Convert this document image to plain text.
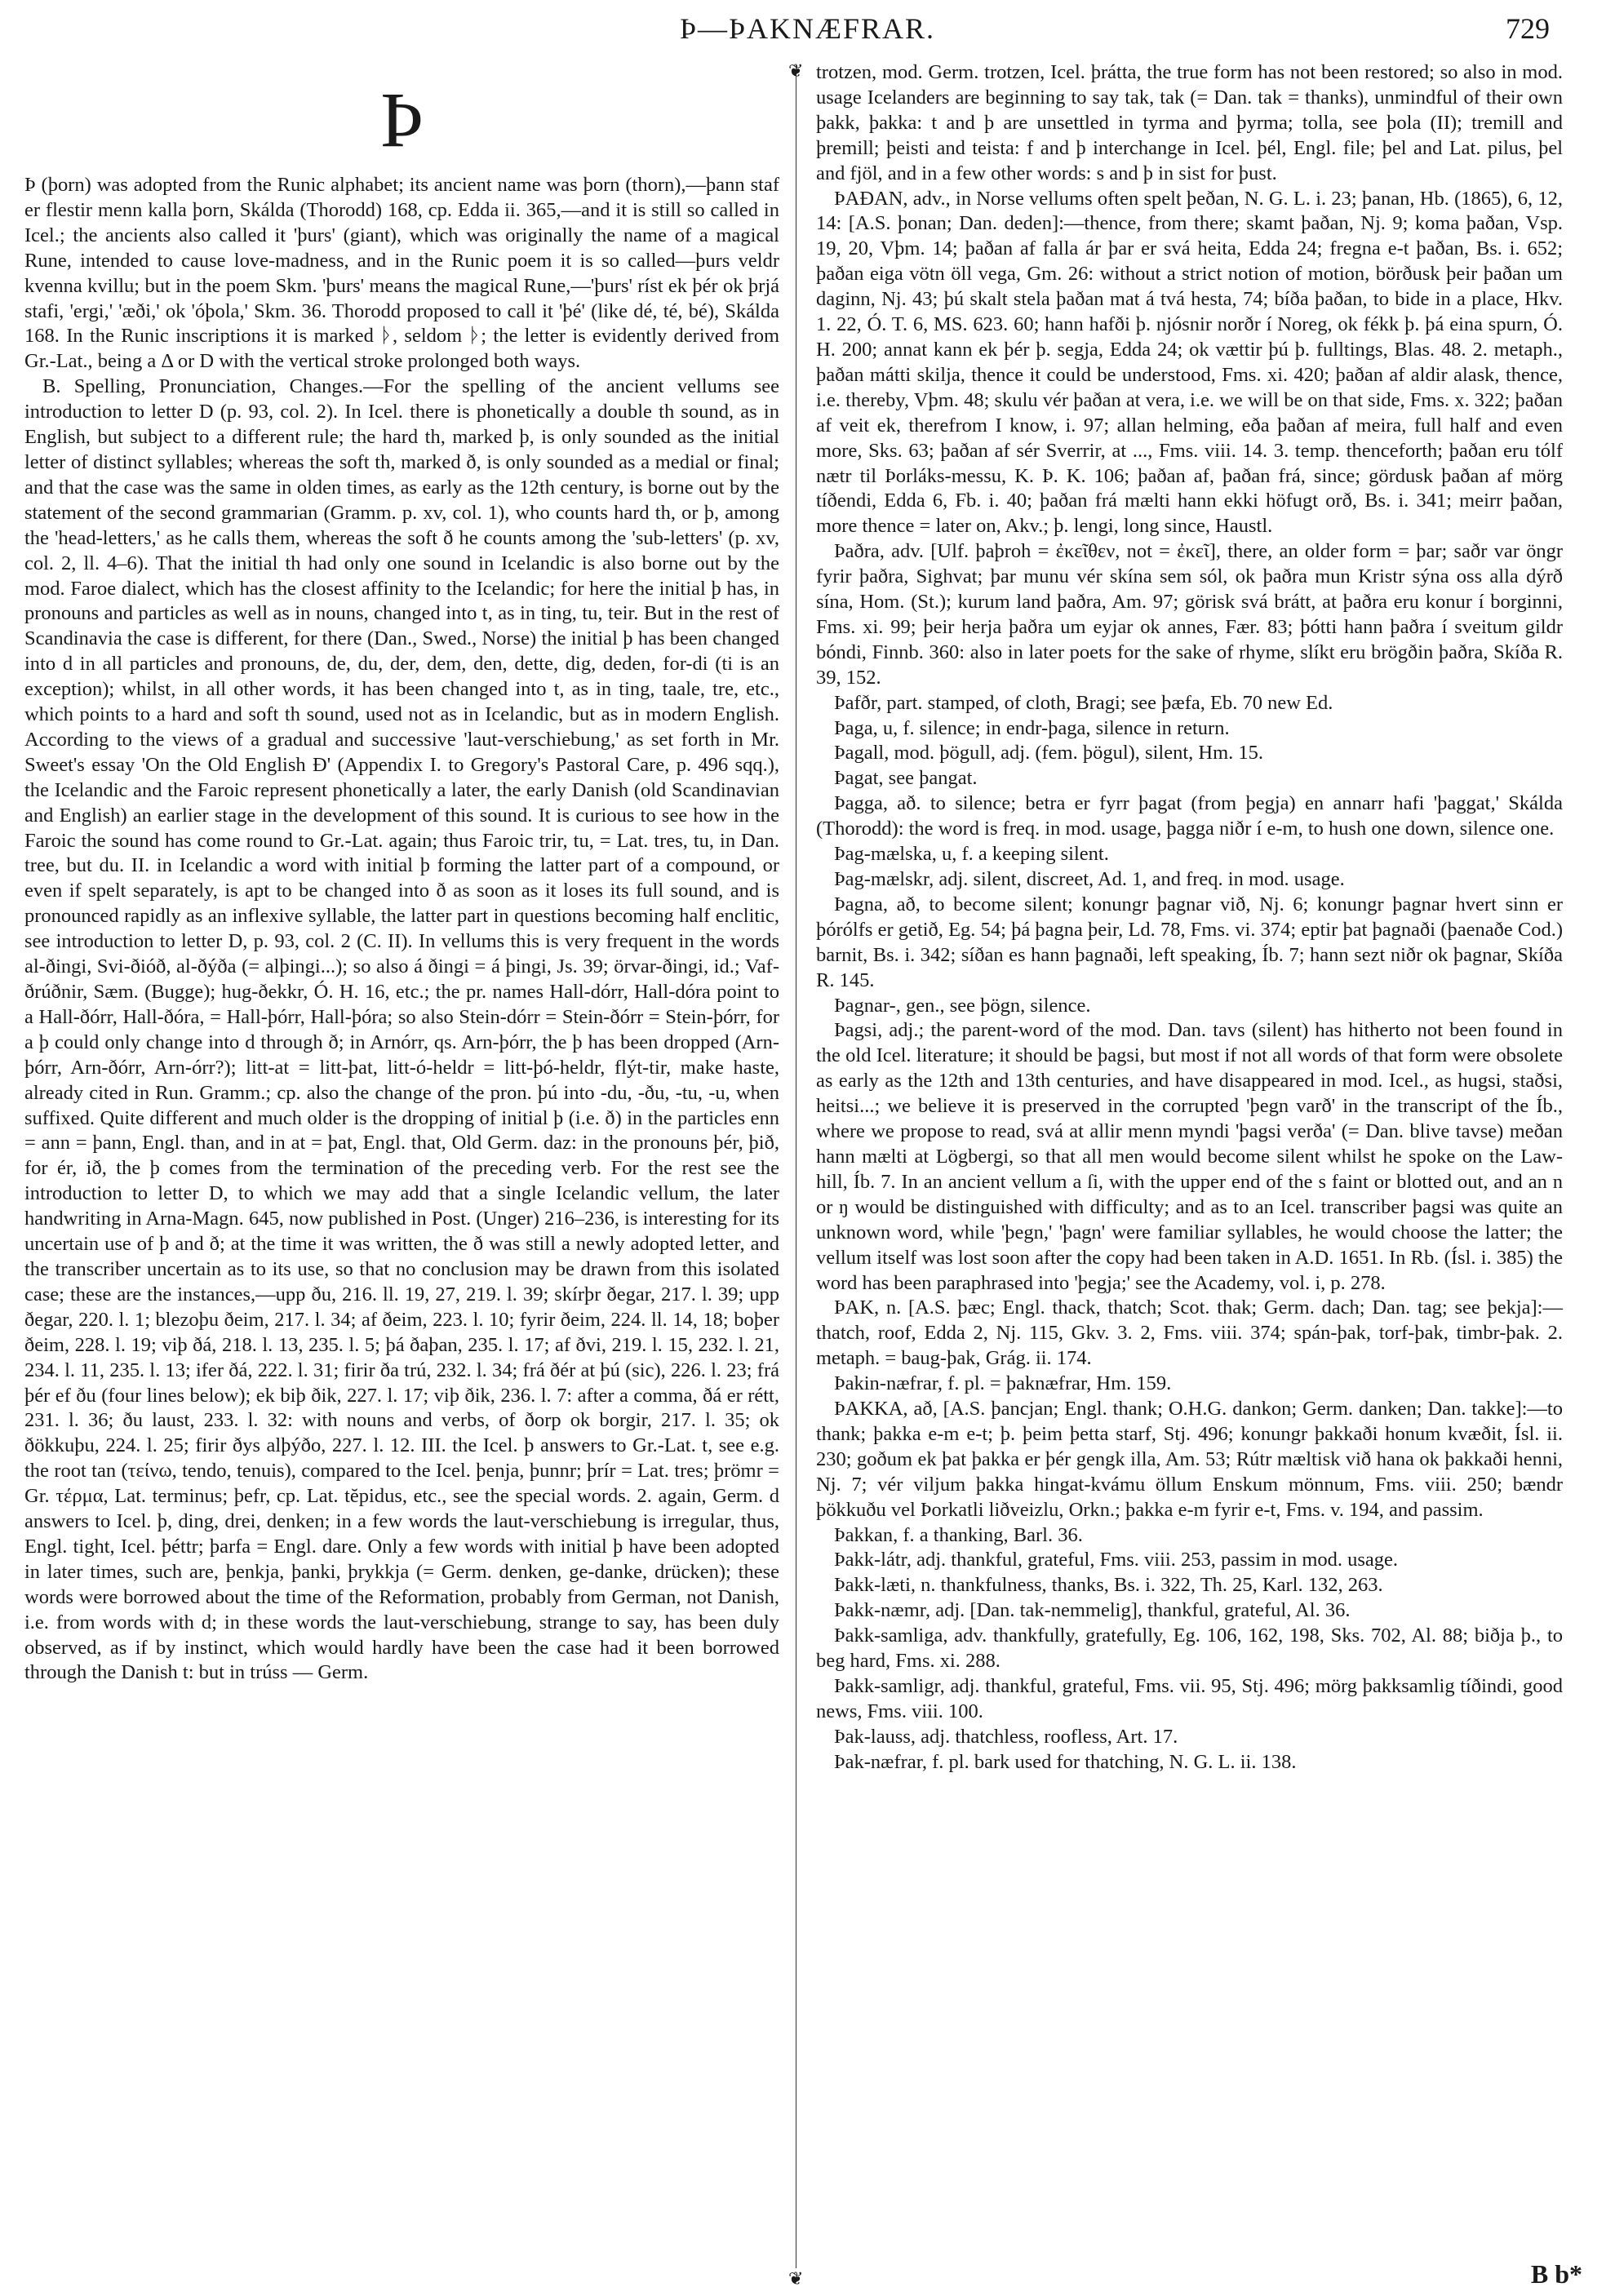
Þ—ÞAKNÆFRAR.	729
❦
❦
Þ

Þ (þorn) was adopted from the Runic alphabet; its ancient name was þorn (thorn),—þann staf er flestir menn kalla þorn, Skálda (Thorodd) 168, cp. Edda ii. 365,—and it is still so called in Icel.; the ancients also called it 'þurs' (giant), which was originally the name of a magical Rune, intended to cause love-madness, and in the Runic poem it is so called—þurs veldr kvenna kvillu; but in the poem Skm. 'þurs' means the magical Rune,—'þurs' ríst ek þér ok þrjá stafi, 'ergi,' 'æði,' ok 'óþola,' Skm. 36. Thorodd proposed to call it 'þé' (like dé, té, bé), Skálda 168. In the Runic inscriptions it is marked ᚦ, seldom ᚦ; the letter is evidently derived from Gr.-Lat., being a Δ or D with the vertical stroke prolonged both ways.

B. Spelling, Pronunciation, Changes.—For the spelling of the ancient vellums see introduction to letter D (p. 93, col. 2). In Icel. there is phonetically a double th sound, as in English, but subject to a different rule; the hard th, marked þ, is only sounded as the initial letter of distinct syllables; whereas the soft th, marked ð, is only sounded as a medial or final; and that the case was the same in olden times, as early as the 12th century, is borne out by the statement of the second grammarian (Gramm. p. xv, col. 1), who counts hard th, or þ, among the 'head-letters,' as he calls them, whereas the soft ð he counts among the 'sub-letters' (p. xv, col. 2, ll. 4–6). That the initial th had only one sound in Icelandic is also borne out by the mod. Faroe dialect, which has the closest affinity to the Icelandic; for here the initial þ has, in pronouns and particles as well as in nouns, changed into t, as in ting, tu, teir. But in the rest of Scandinavia the case is different, for there (Dan., Swed., Norse) the initial þ has been changed into d in all particles and pronouns, de, du, der, dem, den, dette, dig, deden, for-di (ti is an exception); whilst, in all other words, it has been changed into t, as in ting, taale, tre, etc., which points to a hard and soft th sound, used not as in Icelandic, but as in modern English. According to the views of a gradual and successive 'laut-verschiebung,' as set forth in Mr. Sweet's essay 'On the Old English Ð' (Appendix I. to Gregory's Pastoral Care, p. 496 sqq.), the Icelandic and the Faroic represent phonetically a later, the early Danish (old Scandinavian and English) an earlier stage in the development of this sound. It is curious to see how in the Faroic the sound has come round to Gr.-Lat. again; thus Faroic trir, tu, = Lat. tres, tu, in Dan. tree, but du. II. in Icelandic a word with initial þ forming the latter part of a compound, or even if spelt separately, is apt to be changed into ð as soon as it loses its full sound, and is pronounced rapidly as an inflexive syllable, the latter part in questions becoming half enclitic, see introduction to letter D, p. 93, col. 2 (C. II). In vellums this is very frequent in the words al-ðingi, Svi-ðióð, al-ðýða (= alþingi...); so also á ðingi = á þingi, Js. 39; örvar-ðingi, id.; Vaf-ðrúðnir, Sæm. (Bugge); hug-ðekkr, Ó. H. 16, etc.; the pr. names Hall-dórr, Hall-dóra point to a Hall-ðórr, Hall-ðóra, = Hall-þórr, Hall-þóra; so also Stein-dórr = Stein-ðórr = Stein-þórr, for a þ could only change into d through ð; in Arnórr, qs. Arn-þórr, the þ has been dropped (Arn-þórr, Arn-ðórr, Arn-órr?); litt-at = litt-þat, litt-ó-heldr = litt-þó-heldr, flýt-tir, make haste, already cited in Run. Gramm.; cp. also the change of the pron. þú into -du, -ðu, -tu, -u, when suffixed. Quite different and much older is the dropping of initial þ (i.e. ð) in the particles enn = ann = þann, Engl. than, and in at = þat, Engl. that, Old Germ. daz: in the pronouns þér, þið, for ér, ið, the þ comes from the termination of the preceding verb. For the rest see the introduction to letter D, to which we may add that a single Icelandic vellum, the later handwriting in Arna-Magn. 645, now published in Post. (Unger) 216–236, is interesting for its uncertain use of þ and ð; at the time it was written, the ð was still a newly adopted letter, and the transcriber uncertain as to its use, so that no conclusion may be drawn from this isolated case; these are the instances,—upp ðu, 216. ll. 19, 27, 219. l. 39; skírþr ðegar, 217. l. 39; upp ðegar, 220. l. 1; blezoþu ðeim, 217. l. 34; af ðeim, 223. l. 10; fyrir ðeim, 224. ll. 14, 18; boþer ðeim, 228. l. 19; viþ ðá, 218. l. 13, 235. l. 5; þá ðaþan, 235. l. 17; af ðvi, 219. l. 15, 232. l. 21, 234. l. 11, 235. l. 13; ifer ðá, 222. l. 31; firir ða trú, 232. l. 34; frá ðér at þú (sic), 226. l. 23; frá þér ef ðu (four lines below); ek biþ ðik, 227. l. 17; viþ ðik, 236. l. 7: after a comma, ðá er rétt, 231. l. 36; ðu laust, 233. l. 32: with nouns and verbs, of ðorp ok borgir, 217. l. 35; ok ðökkuþu, 224. l. 25; firir ðys alþýðo, 227. l. 12. III. the Icel. þ answers to Gr.-Lat. t, see e.g. the root tan (τείνω, tendo, tenuis), compared to the Icel. þenja, þunnr; þrír = Lat. tres; þrömr = Gr. τέρμα, Lat. terminus; þefr, cp. Lat. tĕpidus, etc., see the special words. 2. again, Germ. d answers to Icel. þ, ding, drei, denken; in a few words the laut-verschiebung is irregular, thus, Engl. tight, Icel. þéttr; þarfa = Engl. dare. Only a few words with initial þ have been adopted in later times, such are, þenkja, þanki, þrykkja (= Germ. denken, ge-danke, drücken); these words were borrowed about the time of the Reformation, probably from German, not Danish, i.e. from words with d; in these words the laut-verschiebung, strange to say, has been duly observed, as if by instinct, which would hardly have been the case had it been borrowed through the Danish t: but in trúss — Germ.

trotzen, mod. Germ. trotzen, Icel. þrátta, the true form has not been restored; so also in mod. usage Icelanders are beginning to say tak, tak (= Dan. tak = thanks), unmindful of their own þakk, þakka: t and þ are unsettled in tyrma and þyrma; tolla, see þola (II); tremill and þremill; þeisti and teista: f and þ interchange in Icel. þél, Engl. file; þel and Lat. pilus, þel and fjöl, and in a few other words: s and þ in sist for þust.

ÞAÐAN, adv., in Norse vellums often spelt þeðan, N. G. L. i. 23; þanan, Hb. (1865), 6, 12, 14: [A.S. þonan; Dan. deden]:—thence, from there; skamt þaðan, Nj. 9; koma þaðan, Vsp. 19, 20, Vþm. 14; þaðan af falla ár þar er svá heita, Edda 24; fregna e-t þaðan, Bs. i. 652; þaðan eiga vötn öll vega, Gm. 26: without a strict notion of motion, börðusk þeir þaðan um daginn, Nj. 43; þú skalt stela þaðan mat á tvá hesta, 74; bíða þaðan, to bide in a place, Hkv. 1. 22, Ó. T. 6, MS. 623. 60; hann hafði þ. njósnir norðr í Noreg, ok fékk þ. þá eina spurn, Ó. H. 200; annat kann ek þér þ. segja, Edda 24; ok vættir þú þ. fulltings, Blas. 48. 2. metaph., þaðan mátti skilja, thence it could be understood, Fms. xi. 420; þaðan af aldir alask, thence, i.e. thereby, Vþm. 48; skulu vér þaðan at vera, i.e. we will be on that side, Fms. x. 322; þaðan af veit ek, therefrom I know, i. 97; allan helming, eða þaðan af meira, full half and even more, Sks. 63; þaðan af sér Sverrir, at ..., Fms. viii. 14. 3. temp. thenceforth; þaðan eru tólf nætr til Þorláks-messu, K. Þ. K. 106; þaðan af, þaðan frá, since; gördusk þaðan af mörg tíðendi, Edda 6, Fb. i. 40; þaðan frá mælti hann ekki höfugt orð, Bs. i. 341; meirr þaðan, more thence = later on, Akv.; þ. lengi, long since, Haustl.

Þaðra, adv. [Ulf. þaþroh = ἐκεῖθεν, not = ἐκεῖ], there, an older form = þar; saðr var öngr fyrir þaðra, Sighvat; þar munu vér skína sem sól, ok þaðra mun Kristr sýna oss alla dýrð sína, Hom. (St.); kurum land þaðra, Am. 97; görisk svá brátt, at þaðra eru konur í borginni, Fms. xi. 99; þeir herja þaðra um eyjar ok annes, Fær. 83; þótti hann þaðra í sveitum gildr bóndi, Finnb. 360: also in later poets for the sake of rhyme, slíkt eru brögðin þaðra, Skíða R. 39, 152.

Þafðr, part. stamped, of cloth, Bragi; see þæfa, Eb. 70 new Ed.

Þaga, u, f. silence; in endr-þaga, silence in return.

Þagall, mod. þögull, adj. (fem. þögul), silent, Hm. 15.

Þagat, see þangat.

Þagga, að. to silence; betra er fyrr þagat (from þegja) en annarr hafi 'þaggat,' Skálda (Thorodd): the word is freq. in mod. usage, þagga niðr í e-m, to hush one down, silence one.

Þag-mælska, u, f. a keeping silent.

Þag-mælskr, adj. silent, discreet, Ad. 1, and freq. in mod. usage.

Þagna, að, to become silent; konungr þagnar við, Nj. 6; konungr þagnar hvert sinn er þórólfs er getið, Eg. 54; þá þagna þeir, Ld. 78, Fms. vi. 374; eptir þat þagnaði (þaenaðe Cod.) barnit, Bs. i. 342; síðan es hann þagnaði, left speaking, Íb. 7; hann sezt niðr ok þagnar, Skíða R. 145.

Þagnar-, gen., see þögn, silence.

Þagsi, adj.; the parent-word of the mod. Dan. tavs (silent) has hitherto not been found in the old Icel. literature; it should be þagsi, but most if not all words of that form were obsolete as early as the 12th and 13th centuries, and have disappeared in mod. Icel., as hugsi, staðsi, heitsi...; we believe it is preserved in the corrupted 'þegn varð' in the transcript of the Íb., where we propose to read, svá at allir menn myndi 'þagsi verða' (= Dan. blive tavse) meðan hann mælti at Lögbergi, so that all men would become silent whilst he spoke on the Law-hill, Íb. 7. In an ancient vellum a ſi, with the upper end of the s faint or blotted out, and an n or ŋ would be distinguished with difficulty; and as to an Icel. transcriber þagsi was quite an unknown word, while 'þegn,' 'þagn' were familiar syllables, he would choose the latter; the vellum itself was lost soon after the copy had been taken in A.D. 1651. In Rb. (Ísl. i. 385) the word has been paraphrased into 'þegja;' see the Academy, vol. i, p. 278.

ÞAK, n. [A.S. þæc; Engl. thack, thatch; Scot. thak; Germ. dach; Dan. tag; see þekja]:—thatch, roof, Edda 2, Nj. 115, Gkv. 3. 2, Fms. viii. 374; spán-þak, torf-þak, timbr-þak. 2. metaph. = baug-þak, Grág. ii. 174.

Þakin-næfrar, f. pl. = þaknæfrar, Hm. 159.

ÞAKKA, að, [A.S. þancjan; Engl. thank; O.H.G. dankon; Germ. danken; Dan. takke]:—to thank; þakka e-m e-t; þ. þeim þetta starf, Stj. 496; konungr þakkaði honum kvæðit, Ísl. ii. 230; goðum ek þat þakka er þér gengk illa, Am. 53; Rútr mæltisk við hana ok þakkaði henni, Nj. 7; vér viljum þakka hingat-kvámu öllum Enskum mönnum, Fms. viii. 250; bændr þökkuðu vel Þorkatli liðveizlu, Orkn.; þakka e-m fyrir e-t, Fms. v. 194, and passim.

Þakkan, f. a thanking, Barl. 36.

Þakk-látr, adj. thankful, grateful, Fms. viii. 253, passim in mod. usage.

Þakk-læti, n. thankfulness, thanks, Bs. i. 322, Th. 25, Karl. 132, 263.

Þakk-næmr, adj. [Dan. tak-nemmelig], thankful, grateful, Al. 36.

Þakk-samliga, adv. thankfully, gratefully, Eg. 106, 162, 198, Sks. 702, Al. 88; biðja þ., to beg hard, Fms. xi. 288.

Þakk-samligr, adj. thankful, grateful, Fms. vii. 95, Stj. 496; mörg þakksamlig tíðindi, good news, Fms. viii. 100.

Þak-lauss, adj. thatchless, roofless, Art. 17.

Þak-næfrar, f. pl. bark used for thatching, N. G. L. ii. 138.

B b*
